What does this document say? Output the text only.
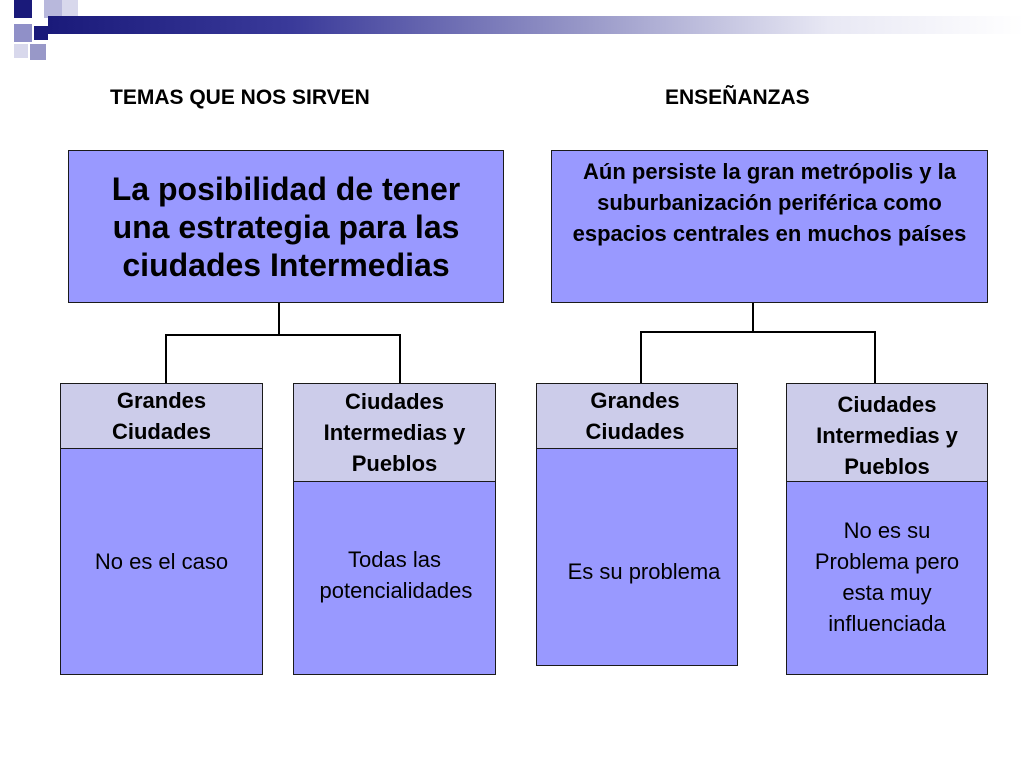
TEMAS QUE NOS SIRVEN	ENSEÑANZAS
La posibilidad de tener una estrategia para las ciudades Intermedias
Grandes Ciudades
No es el caso
Ciudades Intermedias y Pueblos
Todas las potencialidades
Aún persiste la gran metrópolis y la suburbanización periférica como espacios centrales en muchos países
Grandes Ciudades
Es su problema
Ciudades Intermedias y Pueblos
No es su Problema pero esta muy influenciada
